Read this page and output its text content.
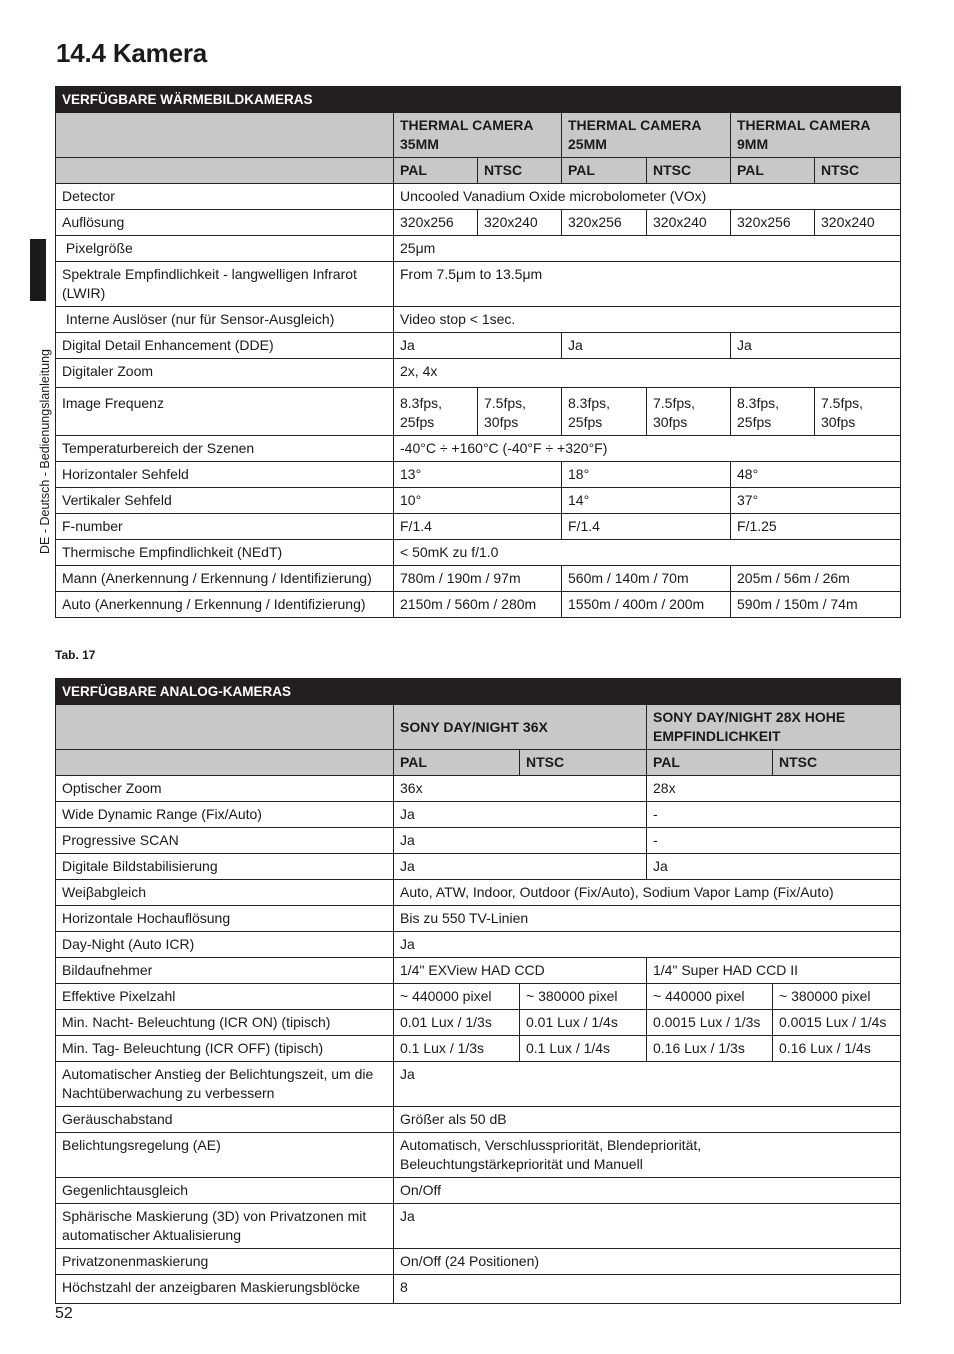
14.4 Kamera
DE - Deutsch - Bedienungslanleitung
VERFÜGBARE WÄRMEBILDKAMERAS						
	THERMAL CAMERA 35MM		THERMAL CAMERA 25MM		THERMAL CAMERA 9MM	
	PAL	NTSC	PAL	NTSC	PAL	NTSC
Detector	Uncooled Vanadium Oxide microbolometer (VOx)					
Auflösung	320x256	320x240	320x256	320x240	320x256	320x240
Pixelgröße	25μm					
Spektrale Empfindlichkeit - langwelligen Infrarot (LWIR)	From 7.5μm to 13.5μm					
Interne Auslöser (nur für Sensor-Ausgleich)	Video stop < 1sec.					
Digital Detail Enhancement (DDE)	Ja		Ja		Ja	
Digitaler Zoom	2x, 4x					
Image Frequenz	8.3fps, 25fps	7.5fps, 30fps	8.3fps, 25fps	7.5fps, 30fps	8.3fps, 25fps	7.5fps, 30fps
Temperaturbereich der Szenen	-40°C ÷ +160°C (-40°F ÷ +320°F)					
Horizontaler Sehfeld	13°		18°		48°	
Vertikaler Sehfeld	10°		14°		37°	
F-number	F/1.4		F/1.4		F/1.25	
Thermische Empfindlichkeit (NEdT)	< 50mK zu f/1.0					
Mann (Anerkennung / Erkennung / Identifizierung)	780m / 190m / 97m		560m / 140m / 70m		205m / 56m / 26m	
Auto (Anerkennung / Erkennung / Identifizierung)	2150m / 560m / 280m		1550m / 400m / 200m		590m / 150m / 74m	

Tab. 17

VERFÜGBARE ANALOG-KAMERAS				
	SONY DAY/NIGHT 36X		SONY DAY/NIGHT 28X HOHE EMPFINDLICHKEIT	
	PAL	NTSC	PAL	NTSC
Optischer Zoom	36x		28x	
Wide Dynamic Range (Fix/Auto)	Ja		-	
Progressive SCAN	Ja		-	
Digitale Bildstabilisierung	Ja		Ja	
Weiβabgleich	Auto, ATW, Indoor, Outdoor (Fix/Auto), Sodium Vapor Lamp (Fix/Auto)			
Horizontale Hochauflösung	Bis zu 550 TV-Linien			
Day-Night (Auto ICR)	Ja			
Bildaufnehmer	1/4" EXView HAD CCD		1/4" Super HAD CCD II	
Effektive Pixelzahl	~ 440000 pixel	~ 380000 pixel	~ 440000 pixel	~ 380000 pixel
Min. Nacht- Beleuchtung (ICR ON) (tipisch)	0.01 Lux / 1/3s	0.01 Lux / 1/4s	0.0015 Lux / 1/3s	0.0015 Lux / 1/4s
Min. Tag- Beleuchtung (ICR OFF) (tipisch)	0.1 Lux / 1/3s	0.1 Lux / 1/4s	0.16 Lux / 1/3s	0.16 Lux / 1/4s
Automatischer Anstieg der Belichtungszeit, um die Nachtüberwachung zu verbessern	Ja			
Geräuschabstand	Größer als 50 dB			
Belichtungsregelung (AE)	Automatisch, Verschlusspriorität, Blendepriorität, Beleuchtungstärkepriorität und Manuell			
Gegenlichtausgleich	On/Off			
Sphärische Maskierung (3D) von Privatzonen mit automatischer Aktualisierung	Ja			
Privatzonenmaskierung	On/Off (24 Positionen)			
Höchstzahl der anzeigbaren Maskierungsblöcke	8			
52
